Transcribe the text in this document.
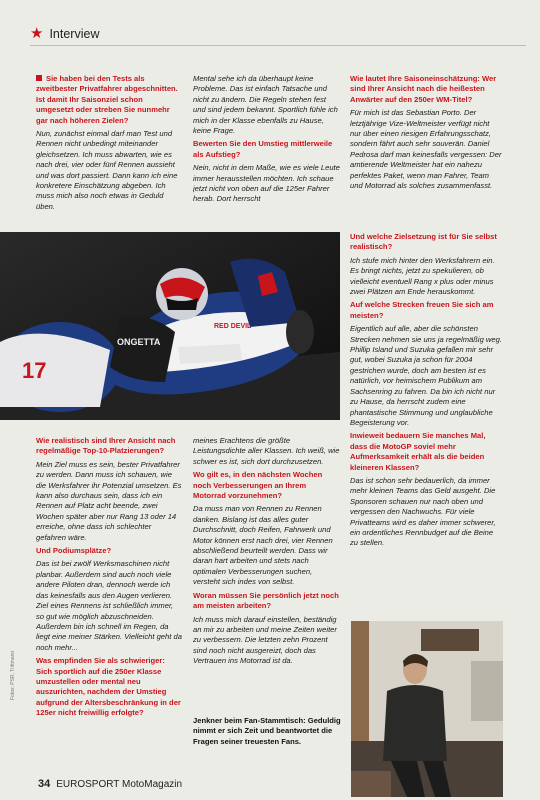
★ Interview

Sie haben bei den Tests als zweitbester Privatfahrer abgeschnitten. Ist damit Ihr Saisonziel schon umgesetzt oder streben Sie nunmehr gar nach höheren Zielen?

Nun, zunächst einmal darf man Test und Rennen nicht unbedingt miteinander gleichsetzen. Ich muss abwarten, wie es nach drei, vier oder fünf Rennen aussieht und was dort passiert. Dann kann ich eine konkretere Einschätzung abgeben. Ich muss mich also noch etwas in Geduld üben.

Mental sehe ich da überhaupt keine Probleme. Das ist einfach Tatsache und nicht zu ändern. Die Regeln stehen fest und sind jedem bekannt. Sportlich fühle ich mich in der Klasse ebenfalls zu Hause, keine Frage.

Bewerten Sie den Umstieg mittlerweile als Aufstieg?

Nein, nicht in dem Maße, wie es viele Leute immer herausstellen möchten. Ich schaue jetzt nicht von oben auf die 125er Fahrer herab. Dort herrscht

Wie lautet Ihre Saisoneinschätzung: Wer sind Ihrer Ansicht nach die heißesten Anwärter auf den 250er WM-Titel?

Für mich ist das Sebastian Porto. Der letztjährige Vize-Weltmeister verfügt nicht nur über einen riesigen Erfahrungsschatz, sondern fährt auch sehr souverän. Daniel Pedrosa darf man keinesfalls vergessen: Der amtierende Weltmeister hat ein nahezu perfektes Paket, wenn man Fahrer, Team und Motorrad als solches zusammenfasst.

Und welche Zielsetzung ist für Sie selbst realistisch?

Ich stufe mich hinter den Werksfahrern ein. Es bringt nichts, jetzt zu spekulieren, ob vielleicht eventuell Rang x plus oder minus zwei Plätzen am Ende herauskommt.

Auf welche Strecken freuen Sie sich am meisten?

Eigentlich auf alle, aber die schönsten Strecken nehmen sie uns ja regelmäßig weg. Phillip Island und Suzuka gefallen mir sehr gut, wobei Suzuka ja schon für 2004 gestrichen wurde, doch am besten ist es natürlich, vor heimischem Publikum am Sachsenring zu fahren. Da bin ich nicht nur zu Hause, da herrscht zudem eine phantastische Stimmung und unglaubliche Begeisterung vor.

Inwieweit bedauern Sie manches Mal, dass die MotoGP soviel mehr Aufmerksamkeit erhält als die beiden kleineren Klassen?

Das ist schon sehr bedauerlich, da immer mehr kleinen Teams das Geld ausgeht. Die Sponsoren schauen nur nach oben und vergessen den Nachwuchs. Für viele Privatteams wird es daher immer schwerer, ein ordentliches Rennbudget auf die Beine zu stellen.

17
ONGETTA
RED DEVIL

Wie realistisch sind Ihrer Ansicht nach regelmäßige Top-10-Platzierungen?

Mein Ziel muss es sein, bester Privatfahrer zu werden. Dann muss ich schauen, wie die Werksfahrer ihr Potenzial umsetzen. Es kann also durchaus sein, dass ich ein Rennen auf Platz acht beende, zwei Wochen später aber nur Rang 13 oder 14 erreiche, ohne dass ich schlechter gefahren wäre.

Und Podiumsplätze?

Das ist bei zwölf Werksmaschinen nicht planbar. Außerdem sind auch noch viele andere Piloten dran, dennoch werde ich das keinesfalls aus den Augen verlieren. Ziel eines Rennens ist schließlich immer, so gut wie möglich abzuschneiden. Außerdem bin ich schnell im Regen, da liegt eine meiner Stärken. Vielleicht geht da noch mehr...

Was empfinden Sie als schwieriger: Sich sportlich auf die 250er Klasse umzustellen oder mental neu auszurichten, nachdem der Umstieg aufgrund der Altersbeschränkung in der 125er nicht freiwillig erfolgte?

meines Erachtens die größte Leistungsdichte aller Klassen. Ich weiß, wie schwer es ist, sich dort durchzusetzen.

Wo gilt es, in den nächsten Wochen noch Verbesserungen an Ihrem Motorrad vorzunehmen?

Da muss man von Rennen zu Rennen danken. Bislang ist das alles guter Durchschnitt, doch Reifen, Fahrwerk und Motor können erst nach drei, vier Rennen abschließend beurteilt werden. Dass wir daran hart arbeiten und stets nach optimalen Verbesserungen suchen, versteht sich indes von selbst.

Woran müssen Sie persönlich jetzt noch am meisten arbeiten?

Ich muss mich darauf einstellen, beständig an mir zu arbeiten und meine Zeiten weiter zu verbessern. Die letzten zehn Prozent sind noch nicht ausgereizt, doch das Vertrauen ins Motorrad ist da.

Jenkner beim Fan-Stammtisch: Geduldig nimmt er sich Zeit und beantwortet die Fragen seiner treuesten Fans.
Fotos: PSR, Trittmann
34 EUROSPORT MotoMagazin
